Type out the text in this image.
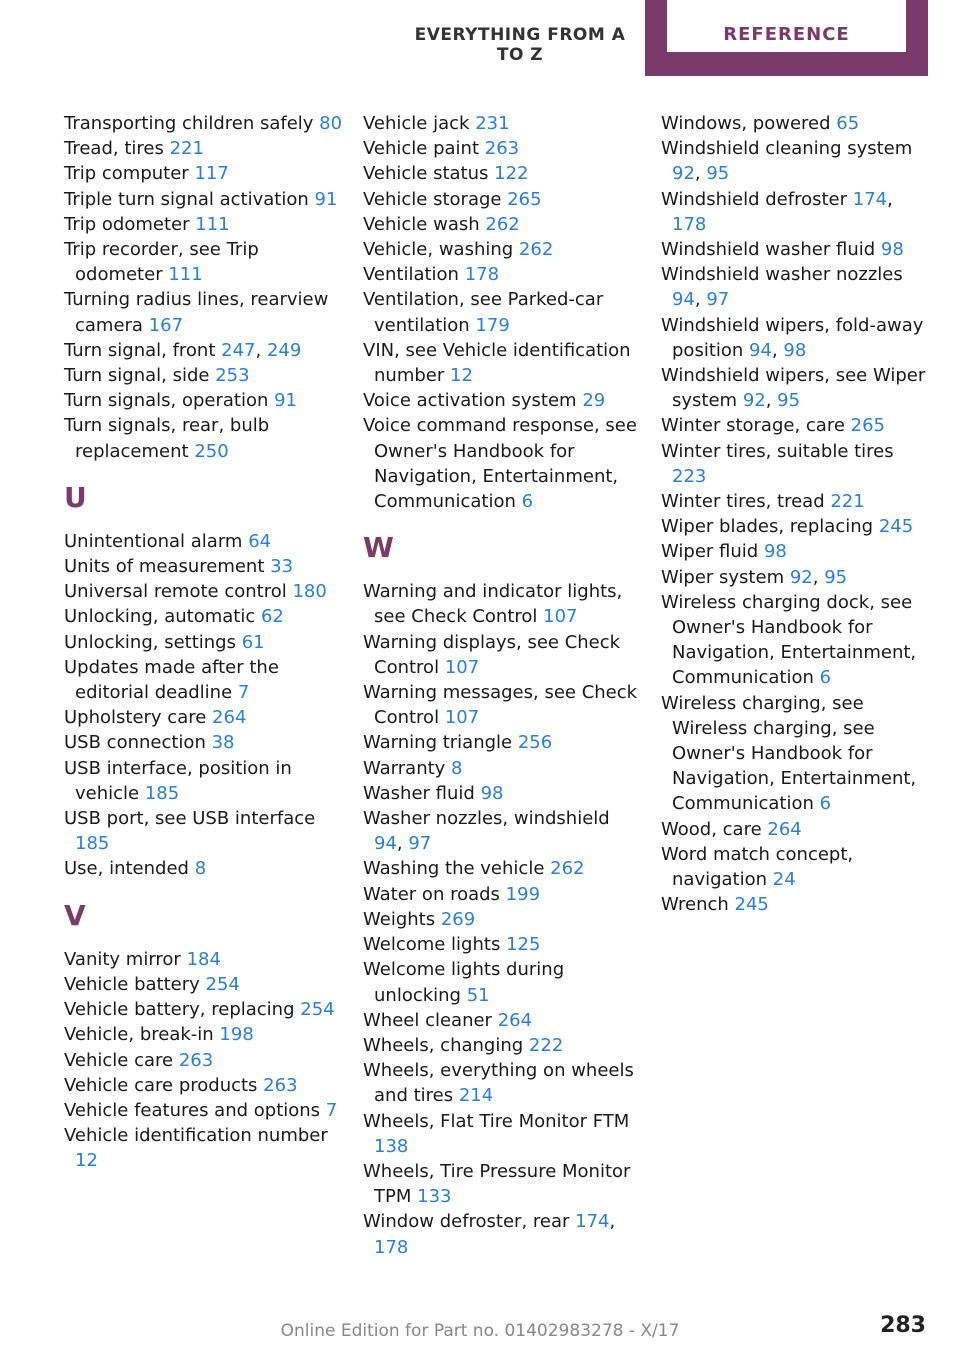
EVERYTHING FROM A TO Z
REFERENCE
Transporting children safely 80
Tread, tires 221
Trip computer 117
Triple turn signal activation 91
Trip odometer 111
Trip recorder, see Trip odometer 111
Turning radius lines, rearview camera 167
Turn signal, front 247, 249
Turn signal, side 253
Turn signals, operation 91
Turn signals, rear, bulb replacement 250
U
Unintentional alarm 64
Units of measurement 33
Universal remote control 180
Unlocking, automatic 62
Unlocking, settings 61
Updates made after the editorial deadline 7
Upholstery care 264
USB connection 38
USB interface, position in vehicle 185
USB port, see USB interface 185
Use, intended 8
V
Vanity mirror 184
Vehicle battery 254
Vehicle battery, replacing 254
Vehicle, break-in 198
Vehicle care 263
Vehicle care products 263
Vehicle features and options 7
Vehicle identification number 12
Vehicle jack 231
Vehicle paint 263
Vehicle status 122
Vehicle storage 265
Vehicle wash 262
Vehicle, washing 262
Ventilation 178
Ventilation, see Parked-car ventilation 179
VIN, see Vehicle identification number 12
Voice activation system 29
Voice command response, see Owner's Handbook for Navigation, Entertainment, Communication 6
W
Warning and indicator lights, see Check Control 107
Warning displays, see Check Control 107
Warning messages, see Check Control 107
Warning triangle 256
Warranty 8
Washer fluid 98
Washer nozzles, windshield 94, 97
Washing the vehicle 262
Water on roads 199
Weights 269
Welcome lights 125
Welcome lights during unlocking 51
Wheel cleaner 264
Wheels, changing 222
Wheels, everything on wheels and tires 214
Wheels, Flat Tire Monitor FTM 138
Wheels, Tire Pressure Monitor TPM 133
Window defroster, rear 174, 178
Windows, powered 65
Windshield cleaning system 92, 95
Windshield defroster 174, 178
Windshield washer fluid 98
Windshield washer nozzles 94, 97
Windshield wipers, fold-away position 94, 98
Windshield wipers, see Wiper system 92, 95
Winter storage, care 265
Winter tires, suitable tires 223
Winter tires, tread 221
Wiper blades, replacing 245
Wiper fluid 98
Wiper system 92, 95
Wireless charging dock, see Owner's Handbook for Navigation, Entertainment, Communication 6
Wireless charging, see Wireless charging, see Owner's Handbook for Navigation, Entertainment, Communication 6
Wood, care 264
Word match concept, navigation 24
Wrench 245
Online Edition for Part no. 01402983278 - X/17	283
